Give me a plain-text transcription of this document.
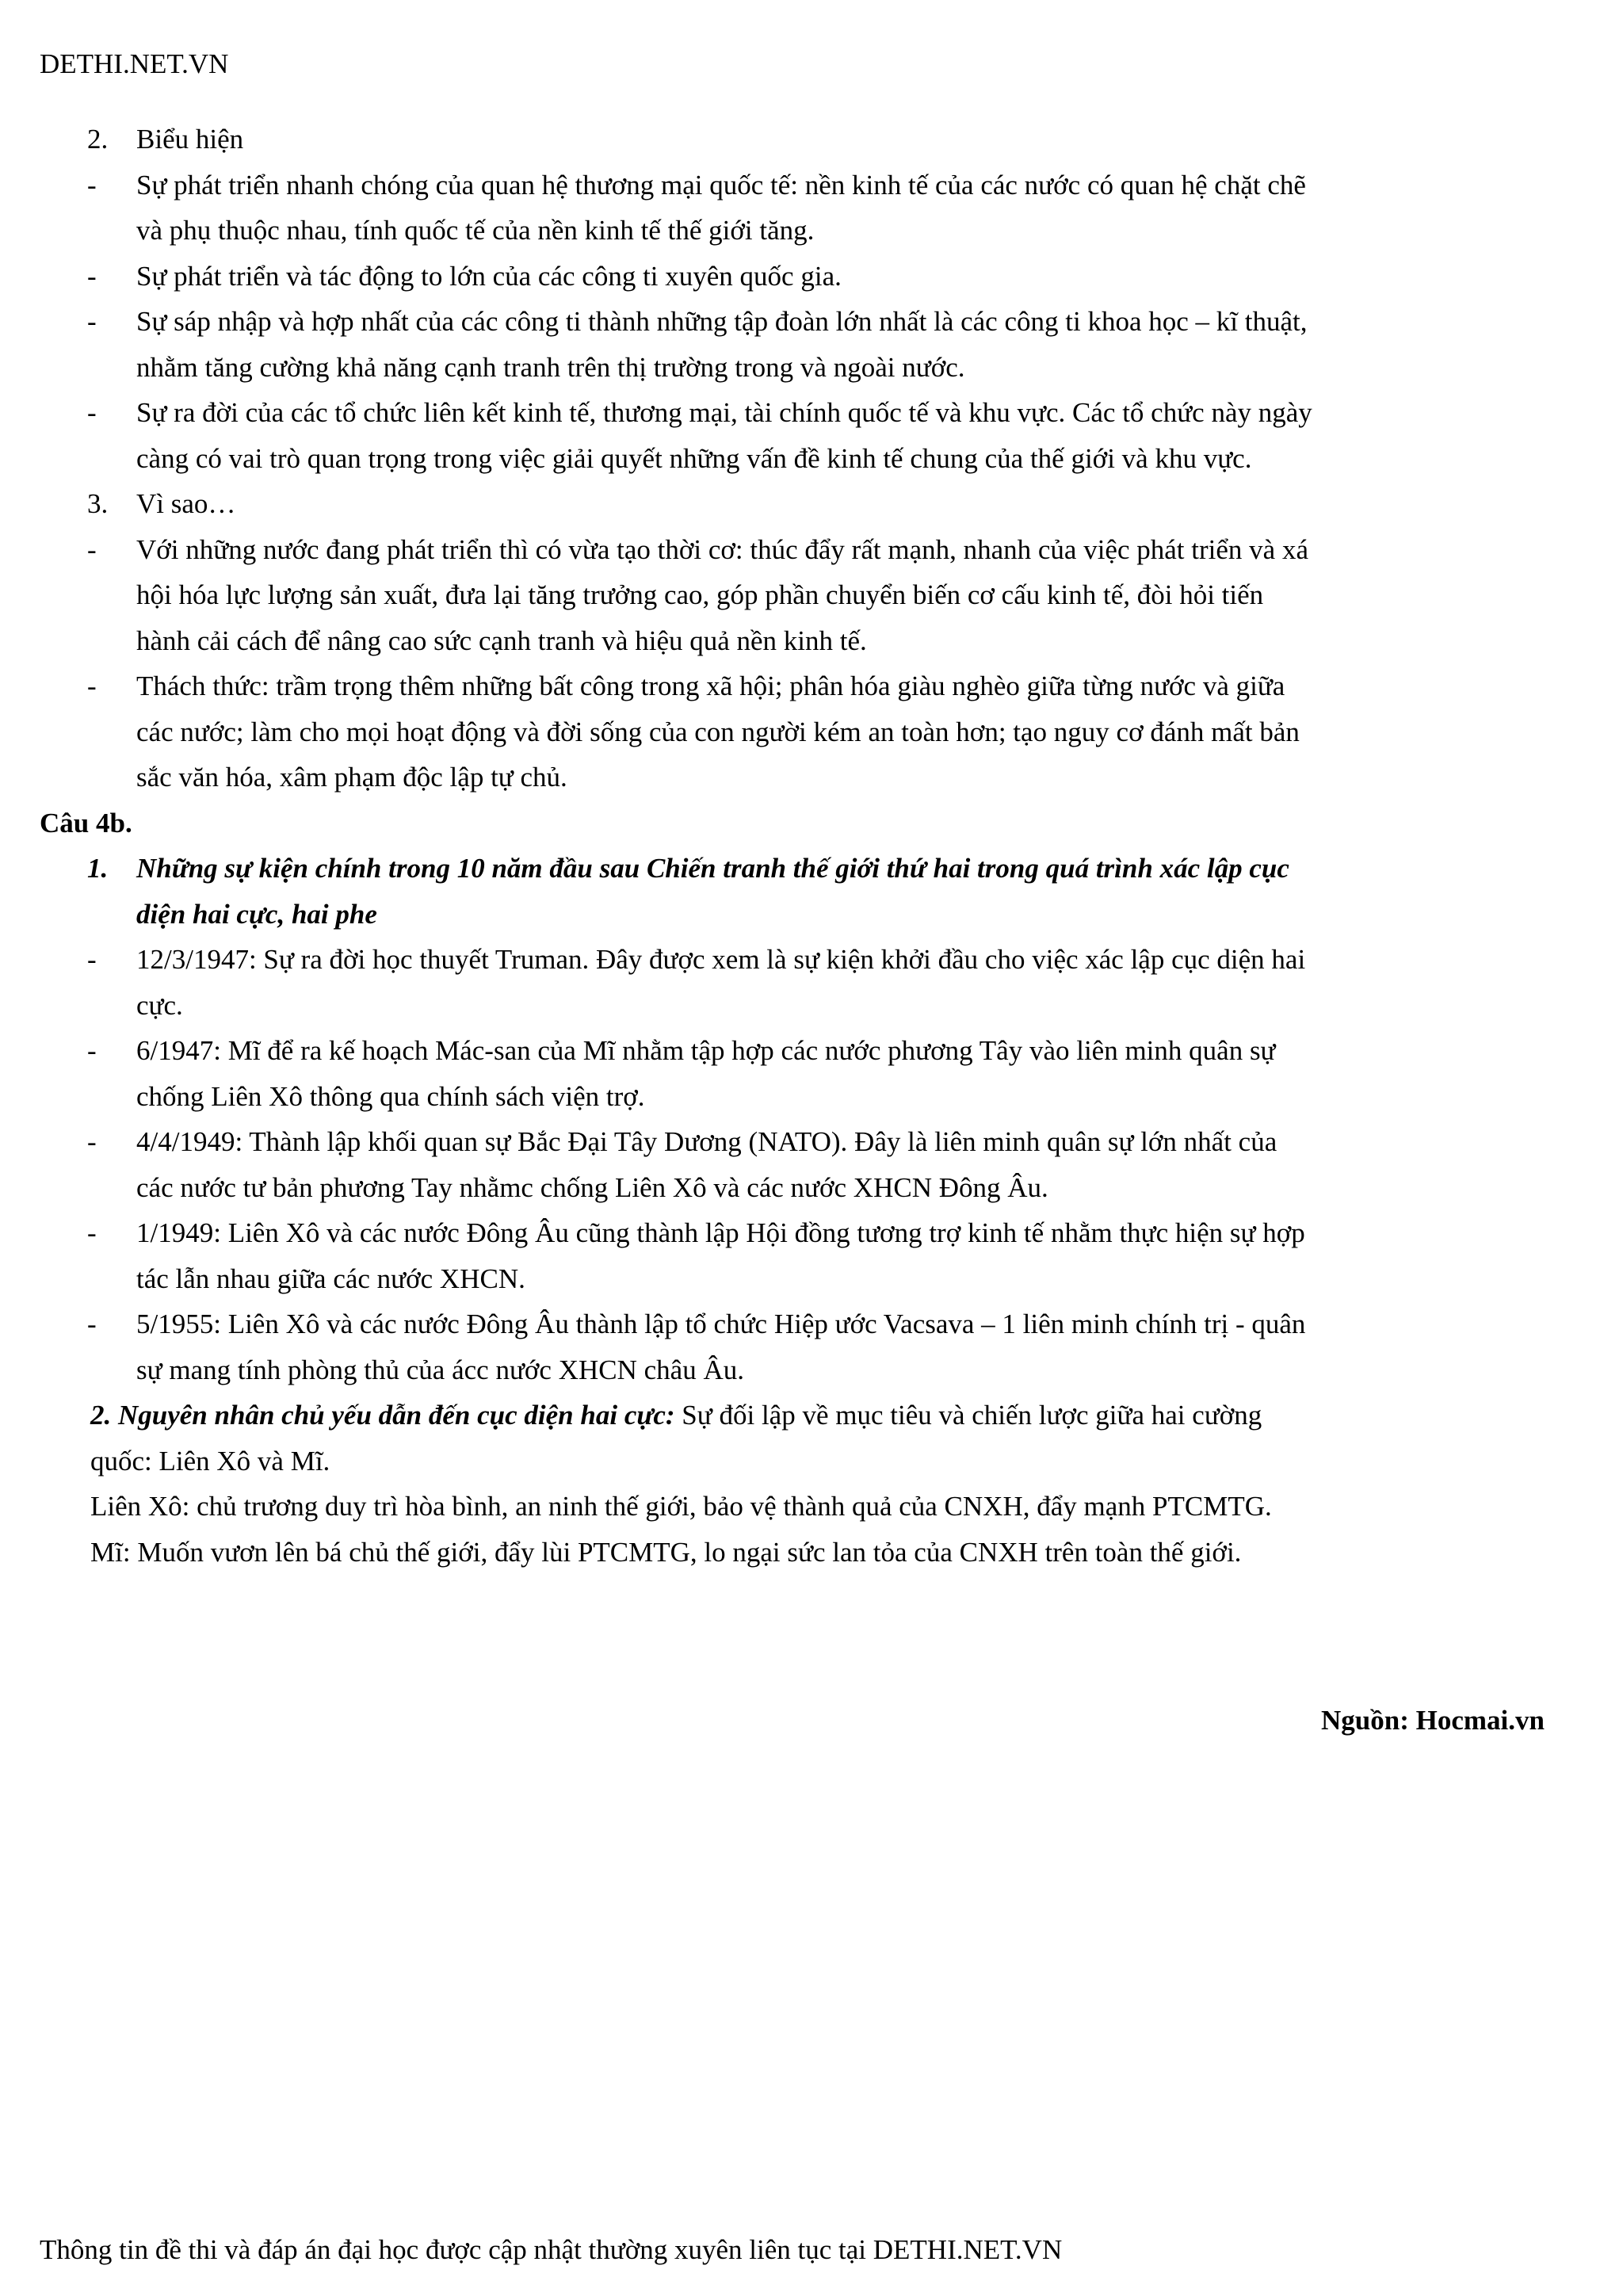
DETHI.NET.VN
2. Biểu hiện
- Sự phát triển nhanh chóng của quan hệ thương mại quốc tế: nền kinh tế của các nước có quan hệ chặt chẽ
và phụ thuộc nhau, tính quốc tế của nền kinh tế thế giới tăng.
- Sự phát triển và tác động to lớn của các công ti xuyên quốc gia.
- Sự sáp nhập và hợp nhất của các công ti thành những tập đoàn lớn nhất là các công ti khoa học – kĩ thuật,
nhằm tăng cường khả năng cạnh tranh trên thị trường trong và ngoài nước.
- Sự ra đời của các tổ chức liên kết kinh tế, thương mại, tài chính quốc tế và khu vực. Các tổ chức này ngày
càng có vai trò quan trọng trong việc giải quyết những vấn đề kinh tế chung của thế giới và khu vực.
3. Vì sao…
- Với những nước đang phát triển thì có vừa tạo thời cơ: thúc đẩy rất mạnh, nhanh của việc phát triển và xá
hội hóa lực lượng sản xuất, đưa lại tăng trưởng cao, góp phần chuyển biến cơ cấu kinh tế, đòi hỏi tiến
hành cải cách để nâng cao sức cạnh tranh và hiệu quả nền kinh tế.
- Thách thức: trầm trọng thêm những bất công trong xã hội; phân hóa giàu nghèo giữa từng nước và giữa
các nước; làm cho mọi hoạt động và đời sống của con người kém an toàn hơn; tạo nguy cơ đánh mất bản
sắc văn hóa, xâm phạm độc lập tự chủ.
Câu 4b.
1. Những sự kiện chính trong 10 năm đầu sau Chiến tranh thế giới thứ hai trong quá trình xác lập cục
diện hai cực, hai phe
- 12/3/1947: Sự ra đời học thuyết Truman. Đây được xem là sự kiện khởi đầu cho việc xác lập cục diện hai
cực.
- 6/1947: Mĩ để ra kế hoạch Mác-san của Mĩ nhằm tập hợp các nước phương Tây vào liên minh quân sự
chống Liên Xô thông qua chính sách viện trợ.
- 4/4/1949: Thành lập khối quan sự Bắc Đại Tây Dương (NATO). Đây là liên minh quân sự lớn nhất của
các nước tư bản phương Tay nhằmc chống Liên Xô và các nước XHCN Đông Âu.
- 1/1949: Liên Xô và các nước Đông Âu cũng thành lập Hội đồng tương trợ kinh tế nhằm thực hiện sự hợp
tác lẫn nhau giữa các nước XHCN.
- 5/1955: Liên Xô và các nước Đông Âu thành lập tổ chức Hiệp ước Vacsava – 1 liên minh chính trị - quân
sự mang tính phòng thủ của ácc nước XHCN châu Âu.
2. Nguyên nhân chủ yếu dẫn đến cục diện hai cực: Sự đối lập về mục tiêu và chiến lược giữa hai cường
quốc: Liên Xô và Mĩ.
Liên Xô: chủ trương duy trì hòa bình, an ninh thế giới, bảo vệ thành quả của CNXH, đẩy mạnh PTCMTG.
Mĩ: Muốn vươn lên bá chủ thế giới, đẩy lùi PTCMTG, lo ngại sức lan tỏa của CNXH trên toàn thế giới.
Nguồn: Hocmai.vn
Thông tin đề thi và đáp án đại học được cập nhật thường xuyên liên tục tại DETHI.NET.VN
